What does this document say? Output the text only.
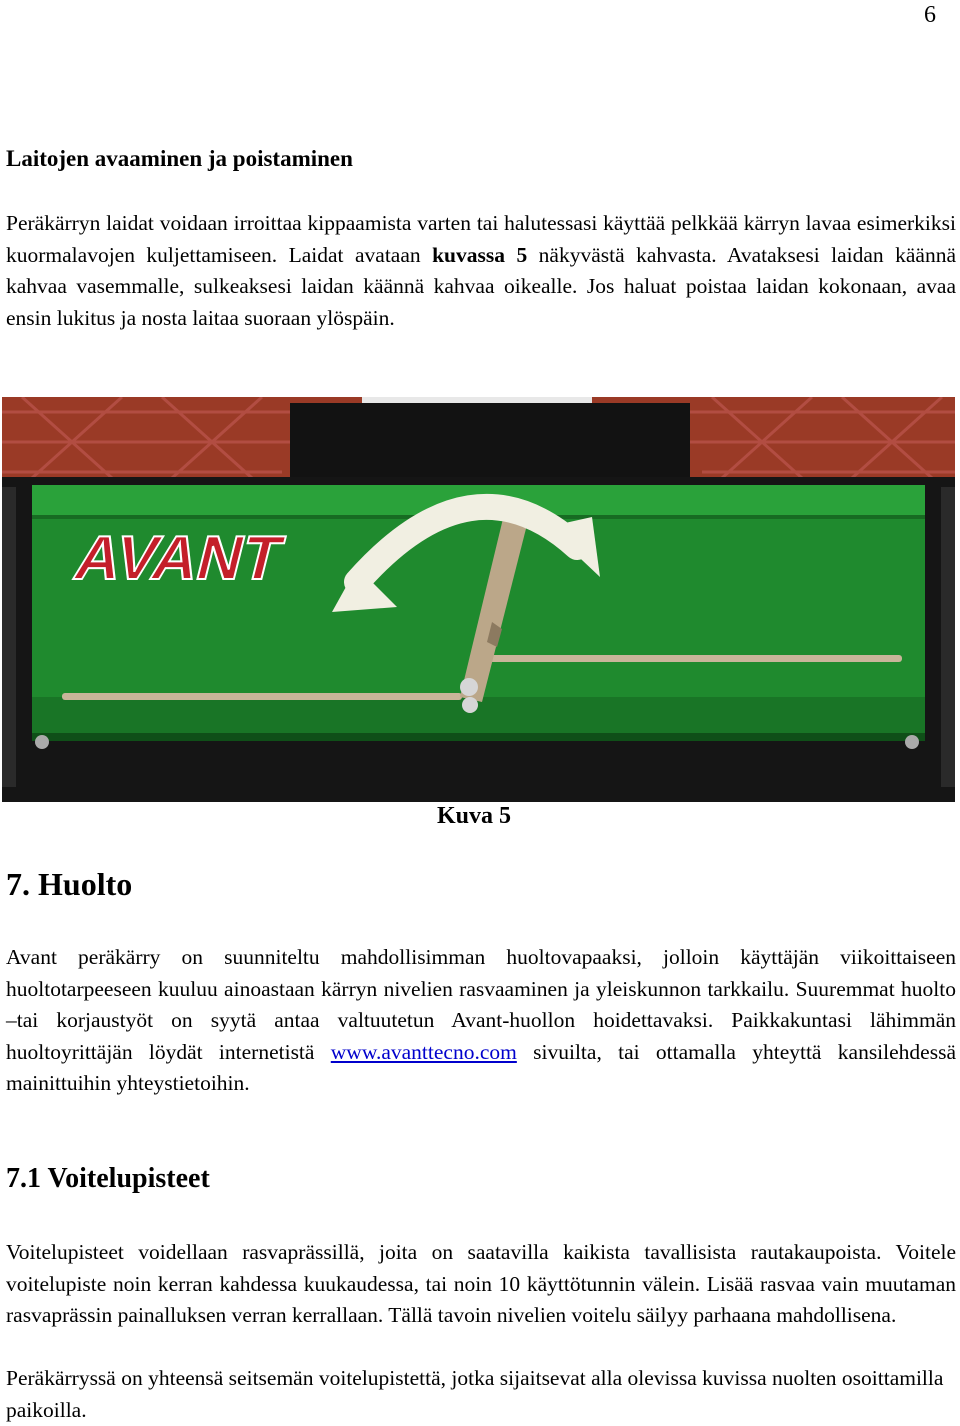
6
Laitojen avaaminen ja poistaminen

Peräkärryn laidat voidaan irroittaa kippaamista varten tai halutessasi käyttää pelkkää kärryn lavaa esimerkiksi kuormalavojen kuljettamiseen. Laidat avataan kuvassa 5 näkyvästä kahvasta. Avataksesi laidan käännä kahvaa vasemmalle, sulkeaksesi laidan käännä kahvaa oikealle. Jos haluat poistaa laidan kokonaan, avaa ensin lukitus ja nosta laitaa suoraan ylöspäin.

AVANT

Kuva 5

7. Huolto

Avant peräkärry on suunniteltu mahdollisimman huoltovapaaksi, jolloin käyttäjän viikoittaiseen huoltotarpeeseen kuuluu ainoastaan kärryn nivelien rasvaaminen ja yleiskunnon tarkkailu. Suuremmat huolto –tai korjaustyöt on syytä antaa valtuutetun Avant-huollon hoidettavaksi. Paikkakuntasi lähimmän huoltoyrittäjän löydät internetistä www.avanttecno.com sivuilta, tai ottamalla yhteyttä kansilehdessä mainittuihin yhteystietoihin.

7.1 Voitelupisteet

Voitelupisteet voidellaan rasvaprässillä, joita on saatavilla kaikista tavallisista rautakaupoista. Voitele voitelupiste noin kerran kahdessa kuukaudessa, tai noin 10 käyttötunnin välein. Lisää rasvaa vain muutaman rasvaprässin painalluksen verran kerrallaan. Tällä tavoin nivelien voitelu säilyy parhaana mahdollisena.

Peräkärryssä on yhteensä seitsemän voitelupistettä, jotka sijaitsevat alla olevissa kuvissa nuolten osoittamilla paikoilla.
